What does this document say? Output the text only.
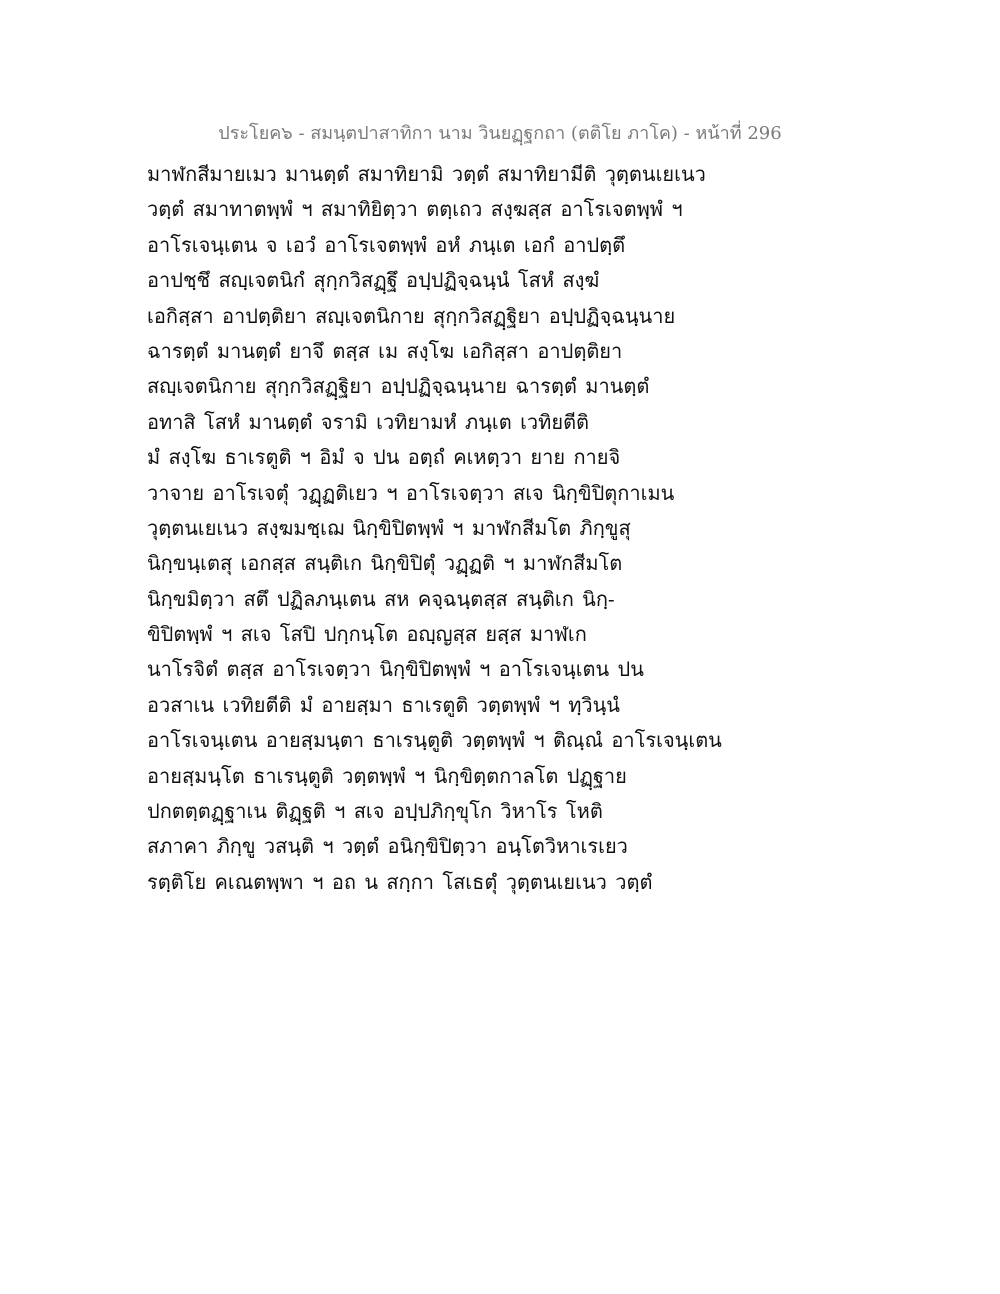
ประโยค๖ - สมนฺตปาสาทิกา นาม วินยฏฺฐกถา (ตติโย ภาโค) - หน้าที่ 296
มาฬกสีมายเมว มานตฺตํ สมาทิยามิ วตฺตํ สมาทิยามีติ วุตฺตนเยเนว
วตฺตํ สมาทาตพฺพํ ฯ สมาทิยิตฺวา ตตฺเถว สงฺฆสฺส อาโรเจตพฺพํ ฯ
อาโรเจนฺเตน จ เอวํ อาโรเจตพฺพํ อหํ ภนฺเต เอกํ อาปตฺตึ
อาปชฺชึ สญฺเจตนิกํ สุกฺกวิสฏฺฐึ อปฺปฏิจฺฉนฺนํ โสหํ สงฺฆํ
เอกิสฺสา อาปตฺติยา สญฺเจตนิกาย สุกฺกวิสฏฺฐิยา อปฺปฏิจฺฉนฺนาย
ฉารตฺตํ มานตฺตํ ยาจึ ตสฺส เม สงฺโฆ เอกิสฺสา อาปตฺติยา
สญฺเจตนิกาย สุกฺกวิสฏฺฐิยา อปฺปฏิจฺฉนฺนาย ฉารตฺตํ มานตฺตํ
อทาสิ โสหํ มานตฺตํ จรามิ เวทิยามหํ ภนฺเต เวทิยตีติ
มํ สงฺโฆ ธาเรตูติ ฯ อิมํ จ ปน อตฺถํ คเหตฺวา ยาย กายจิ
วาจาย อาโรเจตุํ วฏฺฏติเยว ฯ อาโรเจตฺวา สเจ นิกฺขิปิตุกาเมน
วุตฺตนเยเนว สงฺฆมชฺเฌ นิกฺขิปิตพฺพํ ฯ มาฬกสีมโต ภิกฺขูสุ
นิกฺขนฺเตสุ เอกสฺส สนฺติเก นิกฺขิปิตุํ วฏฺฏติ ฯ มาฬกสีมโต
นิกฺขมิตฺวา สตึ ปฏิลภนฺเตน สห คจฺฉนฺตสฺส สนฺติเก นิกฺ-
ขิปิตพฺพํ ฯ สเจ โสปิ ปกฺกนฺโต อญฺญสฺส ยสฺส มาฬเก
นาโรจิตํ ตสฺส อาโรเจตฺวา นิกฺขิปิตพฺพํ ฯ อาโรเจนฺเตน ปน
อวสาเน เวทิยตีติ มํ อายสฺมา ธาเรตูติ วตฺตพฺพํ ฯ ทฺวินฺนํ
อาโรเจนฺเตน อายสฺมนฺตา ธาเรนฺตูติ วตฺตพฺพํ ฯ ติณฺณํ อาโรเจนฺเตน
อายสฺมนฺโต ธาเรนฺตูติ วตฺตพฺพํ ฯ นิกฺขิตฺตกาลโต ปฏฺฐาย
ปกตตฺตฏฺฐาเน ติฏฺฐติ ฯ สเจ อปฺปภิกฺขุโก วิหาโร โหติ
สภาคา ภิกฺขู วสนฺติ ฯ วตฺตํ อนิกฺขิปิตฺวา อนฺโตวิหาเรเยว
รตฺติโย คเณตพฺพา ฯ อถ น สกฺกา โสเธตุํ วุตฺตนเยเนว วตฺตํ
